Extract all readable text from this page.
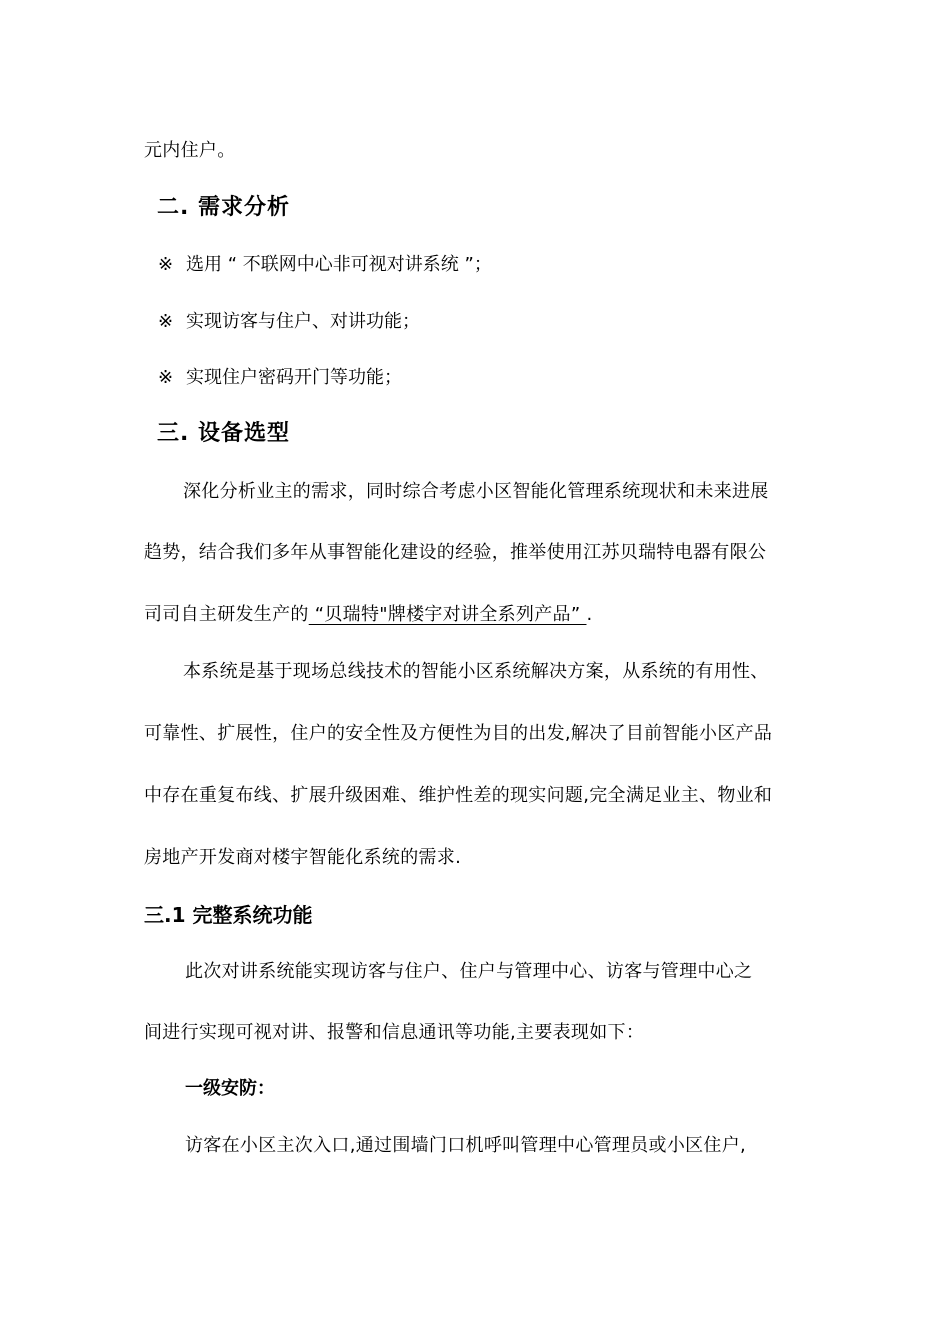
元内住户。
二. 需求分析
※ 选用 “ 不联网中心非可视对讲系统 ”；
※ 实现访客与住户、对讲功能；
※ 实现住户密码开门等功能；
三. 设备选型
深化分析业主的需求，同时综合考虑小区智能化管理系统现状和未来进展
趋势，结合我们多年从事智能化建设的经验，推举使用江苏贝瑞特电器有限公
司司自主研发生产的 “贝瑞特"牌楼宇对讲全系列产品” .
本系统是基于现场总线技术的智能小区系统解决方案，从系统的有用性、
可靠性、扩展性，住户的安全性及方便性为目的出发,解决了目前智能小区产品
中存在重复布线、扩展升级困难、维护性差的现实问题,完全满足业主、物业和
房地产开发商对楼宇智能化系统的需求.
三.1 完整系统功能
此次对讲系统能实现访客与住户、住户与管理中心、访客与管理中心之
间进行实现可视对讲、报警和信息通讯等功能,主要表现如下：
一级安防：
访客在小区主次入口,通过围墙门口机呼叫管理中心管理员或小区住户,
